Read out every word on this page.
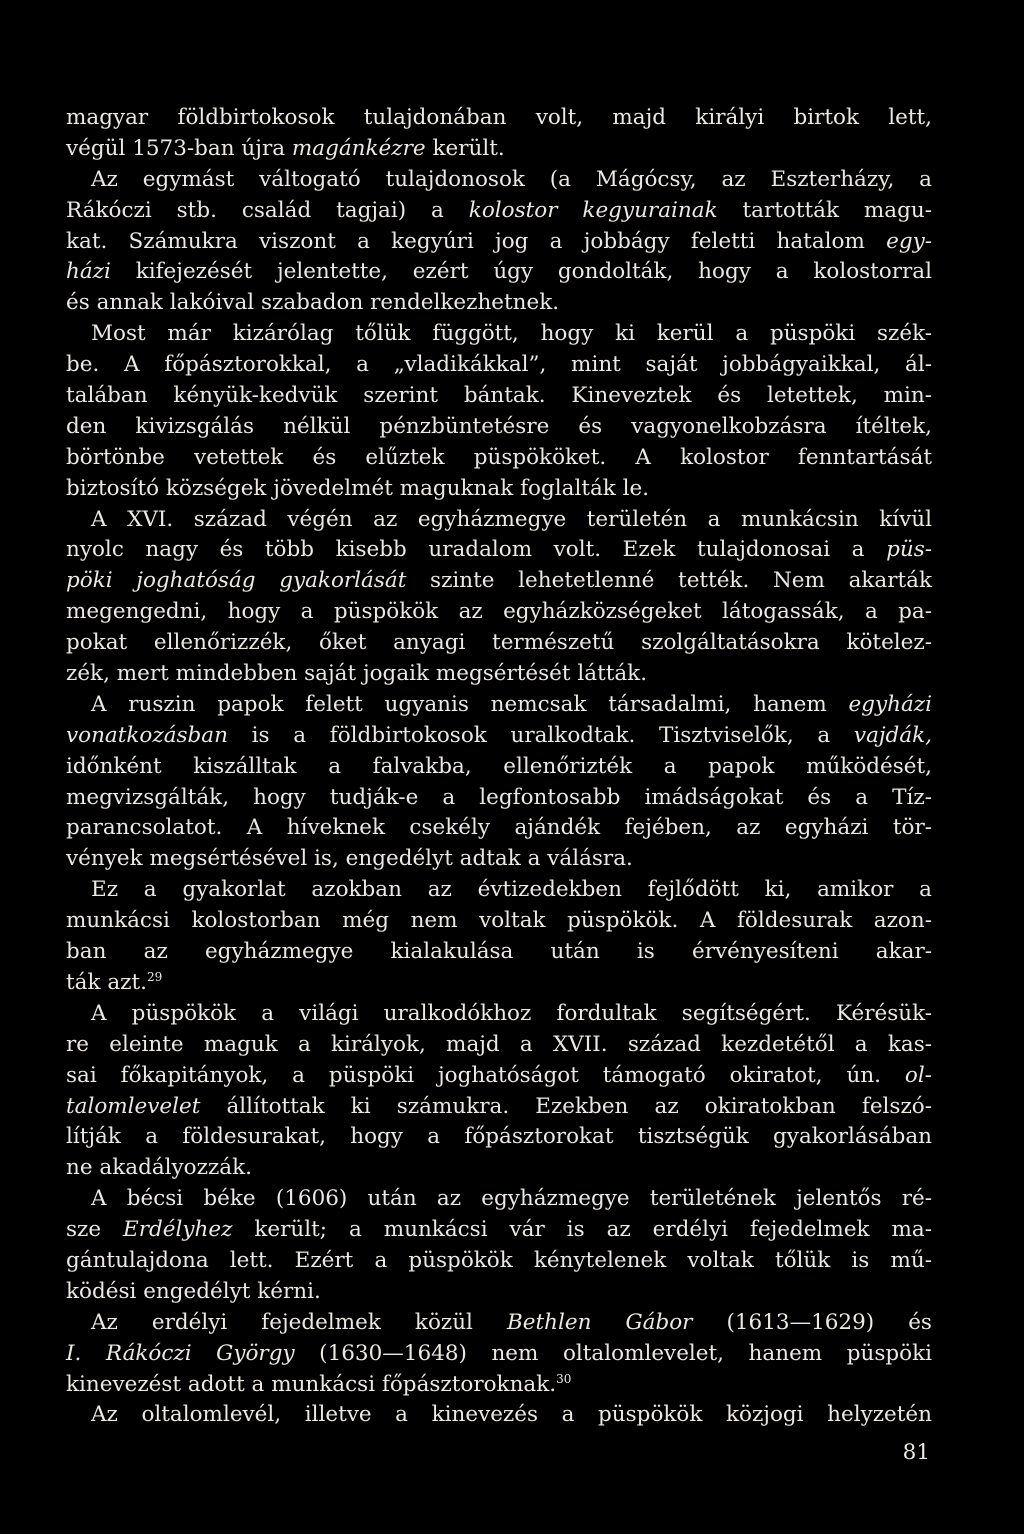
magyar földbirtokosok tulajdonában volt, majd királyi birtok lett,
végül 1573-ban újra magánkézre került.
Az egymást váltogató tulajdonosok (a Mágócsy, az Eszterházy, a
Rákóczi stb. család tagjai) a kolostor kegyurainak tartották magu-
kat. Számukra viszont a kegyúri jog a jobbágy feletti hatalom egy-
házi kifejezését jelentette, ezért úgy gondolták, hogy a kolostorral
és annak lakóival szabadon rendelkezhetnek.
Most már kizárólag tőlük függött, hogy ki kerül a püspöki szék-
be. A főpásztorokkal, a „vladikákkal”, mint saját jobbágyaikkal, ál-
talában kényük-kedvük szerint bántak. Kineveztek és letettek, min-
den kivizsgálás nélkül pénzbüntetésre és vagyonelkobzásra ítéltek,
börtönbe vetettek és elűztek püspököket. A kolostor fenntartását
biztosító községek jövedelmét maguknak foglalták le.
A XVI. század végén az egyházmegye területén a munkácsin kívül
nyolc nagy és több kisebb uradalom volt. Ezek tulajdonosai a püs-
pöki joghatóság gyakorlását szinte lehetetlenné tették. Nem akarták
megengedni, hogy a püspökök az egyházközségeket látogassák, a pa-
pokat ellenőrizzék, őket anyagi természetű szolgáltatásokra kötelez-
zék, mert mindebben saját jogaik megsértését látták.
A ruszin papok felett ugyanis nemcsak társadalmi, hanem egyházi
vonatkozásban is a földbirtokosok uralkodtak. Tisztviselők, a vajdák,
időnként kiszálltak a falvakba, ellenőrizték a papok működését,
megvizsgálták, hogy tudják-e a legfontosabb imádságokat és a Tíz-
parancsolatot. A híveknek csekély ajándék fejében, az egyházi tör-
vények megsértésével is, engedélyt adtak a válásra.
Ez a gyakorlat azokban az évtizedekben fejlődött ki, amikor a
munkácsi kolostorban még nem voltak püspökök. A földesurak azon-
ban az egyházmegye kialakulása után is érvényesíteni akar-
ták azt.$^{29}$
A püspökök a világi uralkodókhoz fordultak segítségért. Kérésük-
re eleinte maguk a királyok, majd a XVII. század kezdetétől a kas-
sai főkapitányok, a püspöki joghatóságot támogató okiratot, ún. ol-
talomlevelet állítottak ki számukra. Ezekben az okiratokban felszó-
lítják a földesurakat, hogy a főpásztorokat tisztségük gyakorlásában
ne akadályozzák.
A bécsi béke (1606) után az egyházmegye területének jelentős ré-
sze Erdélyhez került; a munkácsi vár is az erdélyi fejedelmek ma-
gántulajdona lett. Ezért a püspökök kénytelenek voltak tőlük is mű-
ködési engedélyt kérni.
Az erdélyi fejedelmek közül Bethlen Gábor (1613—1629) és
I. Rákóczi György (1630—1648) nem oltalomlevelet, hanem püspöki
kinevezést adott a munkácsi főpásztoroknak.$^{30}$
Az oltalomlevél, illetve a kinevezés a püspökök közjogi helyzetén
81
